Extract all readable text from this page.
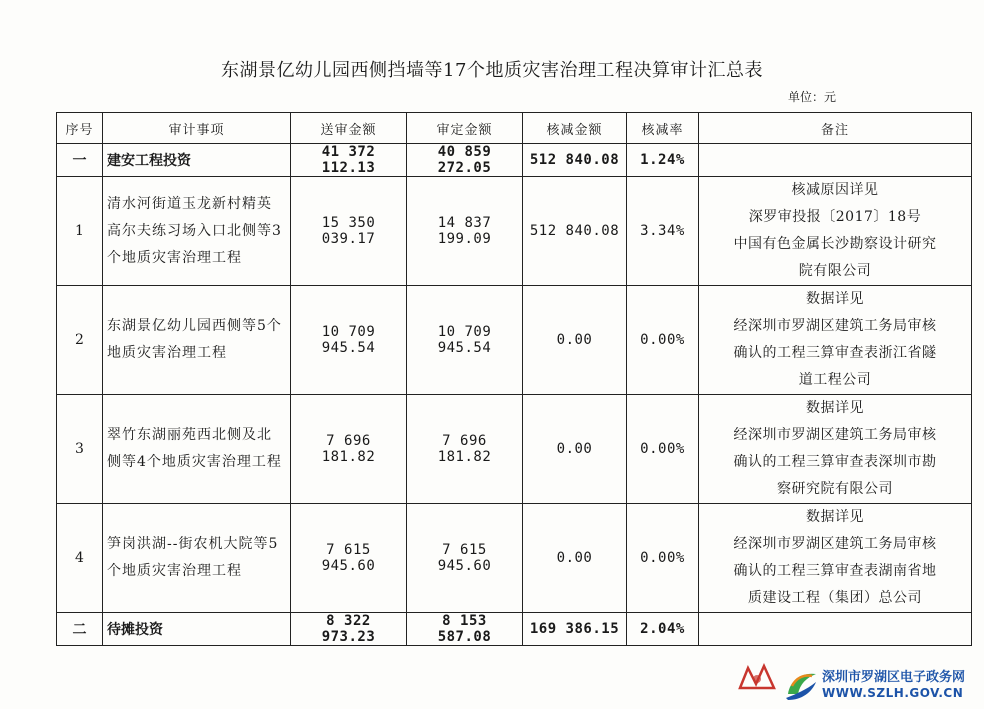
东湖景亿幼儿园西侧挡墙等17个地质灾害治理工程决算审计汇总表
单位：元
序号	审计事项	送审金额	审定金额	核减金额	核减率	备注
一	建安工程投资	41 372 112.13	40 859 272.05	512 840.08	1.24%	
1	清水河街道玉龙新村精英高尔夫练习场入口北侧等3个地质灾害治理工程	15 350 039.17	14 837 199.09	512 840.08	3.34%	核减原因详见
深罗审投报〔2017〕18号
中国有色金属长沙勘察设计研究
院有限公司

2	东湖景亿幼儿园西侧等5个地质灾害治理工程	10 709 945.54	10 709 945.54	0.00	0.00%	数据详见
经深圳市罗湖区建筑工务局审核
确认的工程三算审查表浙江省隧
道工程公司

3	翠竹东湖丽苑西北侧及北侧等4个地质灾害治理工程	7 696 181.82	7 696 181.82	0.00	0.00%	数据详见
经深圳市罗湖区建筑工务局审核
确认的工程三算审查表深圳市勘
察研究院有限公司

4	笋岗洪湖--街农机大院等5个地质灾害治理工程	7 615 945.60	7 615 945.60	0.00	0.00%	数据详见
经深圳市罗湖区建筑工务局审核
确认的工程三算审查表湖南省地
质建设工程（集团）总公司

二	待摊投资	8 322 973.23	8 153 587.08	169 386.15	2.04%	
深圳市罗湖区电子政务网
WWW.SZLH.GOV.CN
